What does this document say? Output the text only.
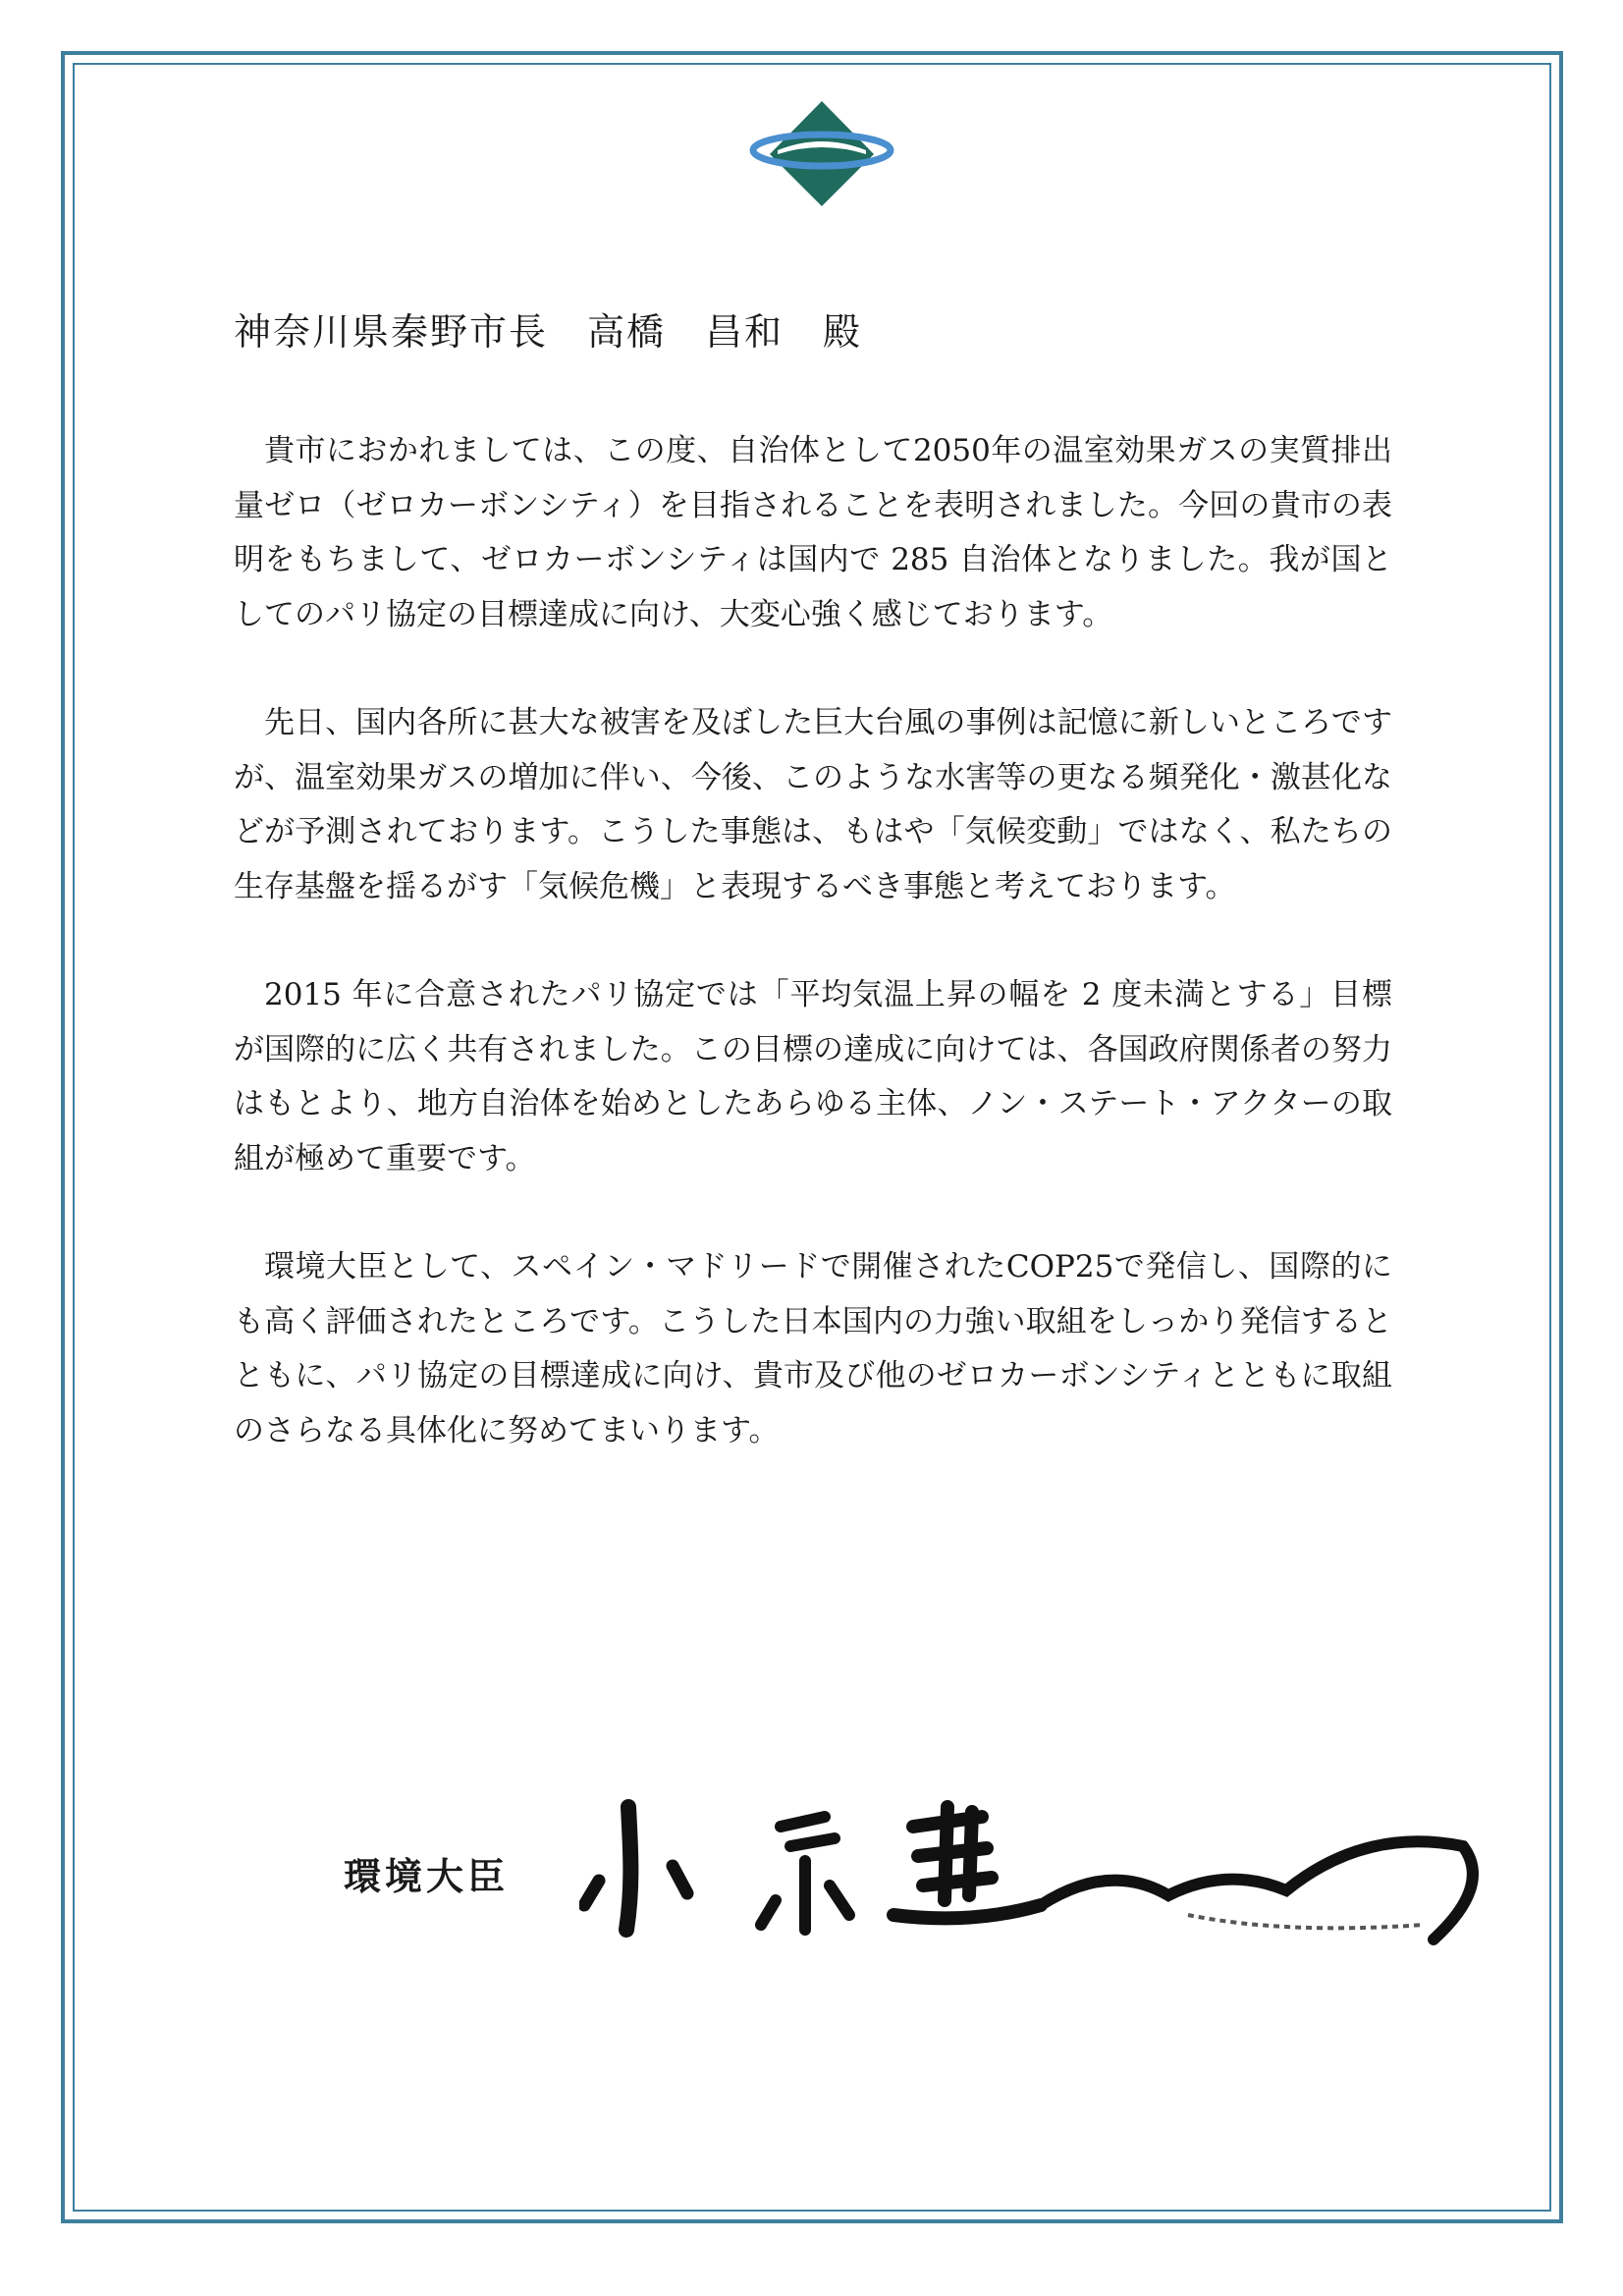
神奈川県秦野市長　高橋　昌和　殿

貴市におかれましては、この度、自治体として2050年の温室効果ガスの実質排出量ゼロ（ゼロカーボンシティ）を目指されることを表明されました。今回の貴市の表明をもちまして、ゼロカーボンシティは国内で 285 自治体となりました。我が国としてのパリ協定の目標達成に向け、大変心強く感じております。

先日、国内各所に甚大な被害を及ぼした巨大台風の事例は記憶に新しいところですが、温室効果ガスの増加に伴い、今後、このような水害等の更なる頻発化・激甚化などが予測されております。こうした事態は、もはや「気候変動」ではなく、私たちの生存基盤を揺るがす「気候危機」と表現するべき事態と考えております。

2015 年に合意されたパリ協定では「平均気温上昇の幅を 2 度未満とする」目標が国際的に広く共有されました。この目標の達成に向けては、各国政府関係者の努力はもとより、地方自治体を始めとしたあらゆる主体、ノン・ステート・アクターの取組が極めて重要です。

環境大臣として、スペイン・マドリードで開催されたCOP25で発信し、国際的にも高く評価されたところです。こうした日本国内の力強い取組をしっかり発信するとともに、パリ協定の目標達成に向け、貴市及び他のゼロカーボンシティとともに取組のさらなる具体化に努めてまいります。

環境大臣
